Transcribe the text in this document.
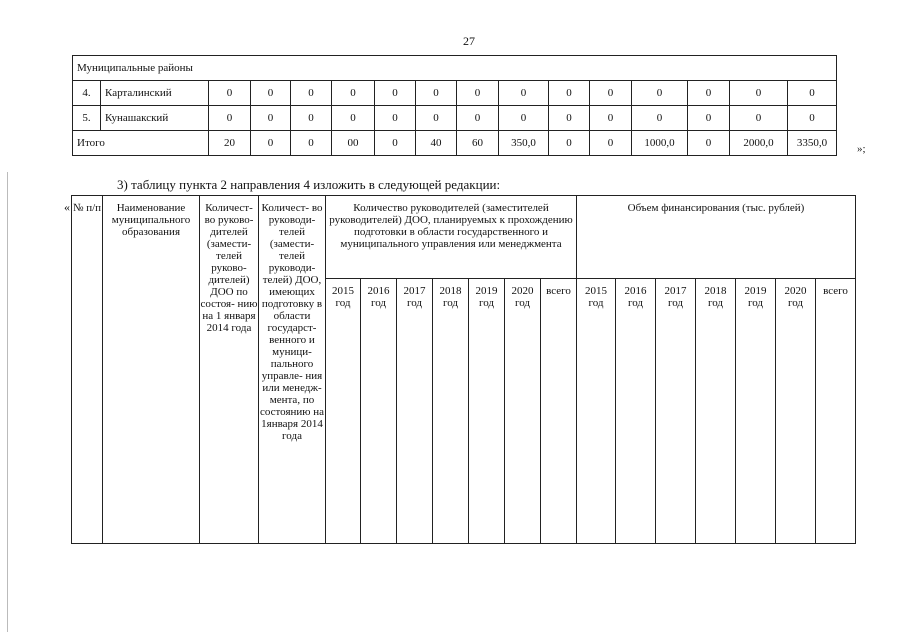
27
Муниципальные районы															
4.	Карталинский	0	0	0	0	0	0	0	0	0	0	0	0	0	0
5.	Кунашакский	0	0	0	0	0	0	0	0	0	0	0	0	0	0
Итого		20	0	0	00	0	40	60	350,0	0	0	1000,0	0	2000,0	3350,0	»;
3) таблицу пункта 2 направления 4 изложить в следующей редакции:
« № п/п	Наименование муниципального образования	Количест- во руково- дителей (замести- телей руково- дителей) ДОО по состоя- нию на 1 января 2014 года	Количест- во руководи- телей (замести- телей руководи- телей) ДОО, имеющих подготовку в области государст- венного и муници- пального управле- ния или менедж- мента, по состоянию на 1января 2014 года	Количество руководителей (заместителей руководителей) ДОО, планируемых к прохождению подготовки в области государственного и муниципального управления или менеджмента							Объем финансирования (тыс. рублей)						
				2015 год	2016 год	2017 год	2018 год	2019 год	2020 год	всего	2015 год	2016 год	2017 год	2018 год	2019 год	2020 год	всего
